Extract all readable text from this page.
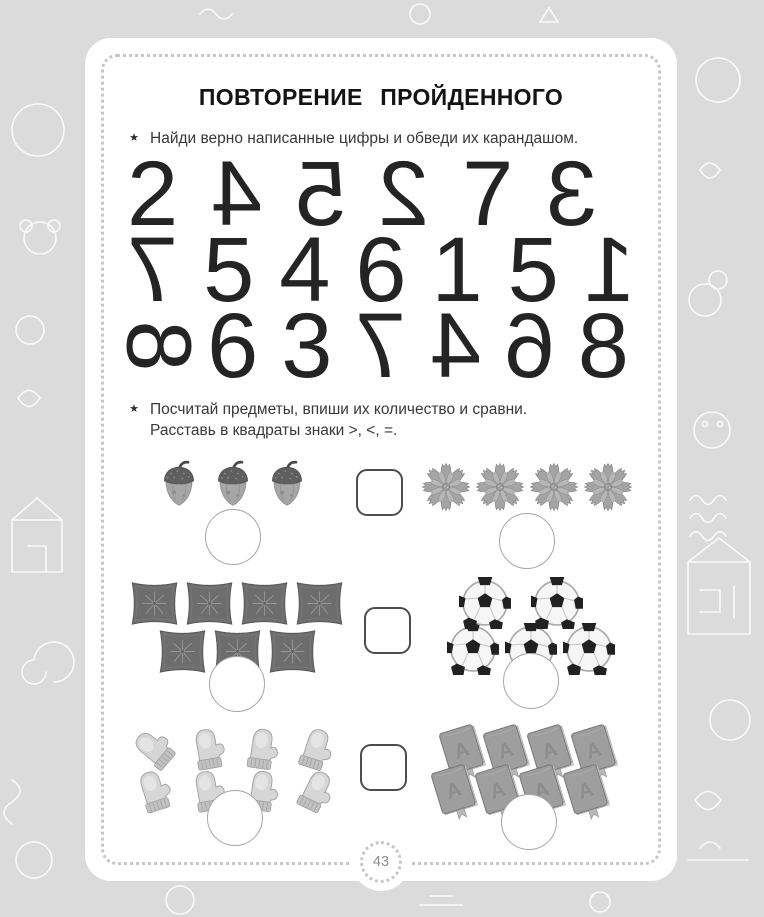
43
ПОВТОРЕНИЕ ПРОЙДЕННОГО
★ Найди верно написанные цифры и обведи их карандашом.

2 4 5 2 7 3
7 5 4 6 1 5 1
8
6 3 7 4 6 8
★ Посчитай предметы, впиши их количество и сравни.
Расставь в квадраты знаки >, <, =.
